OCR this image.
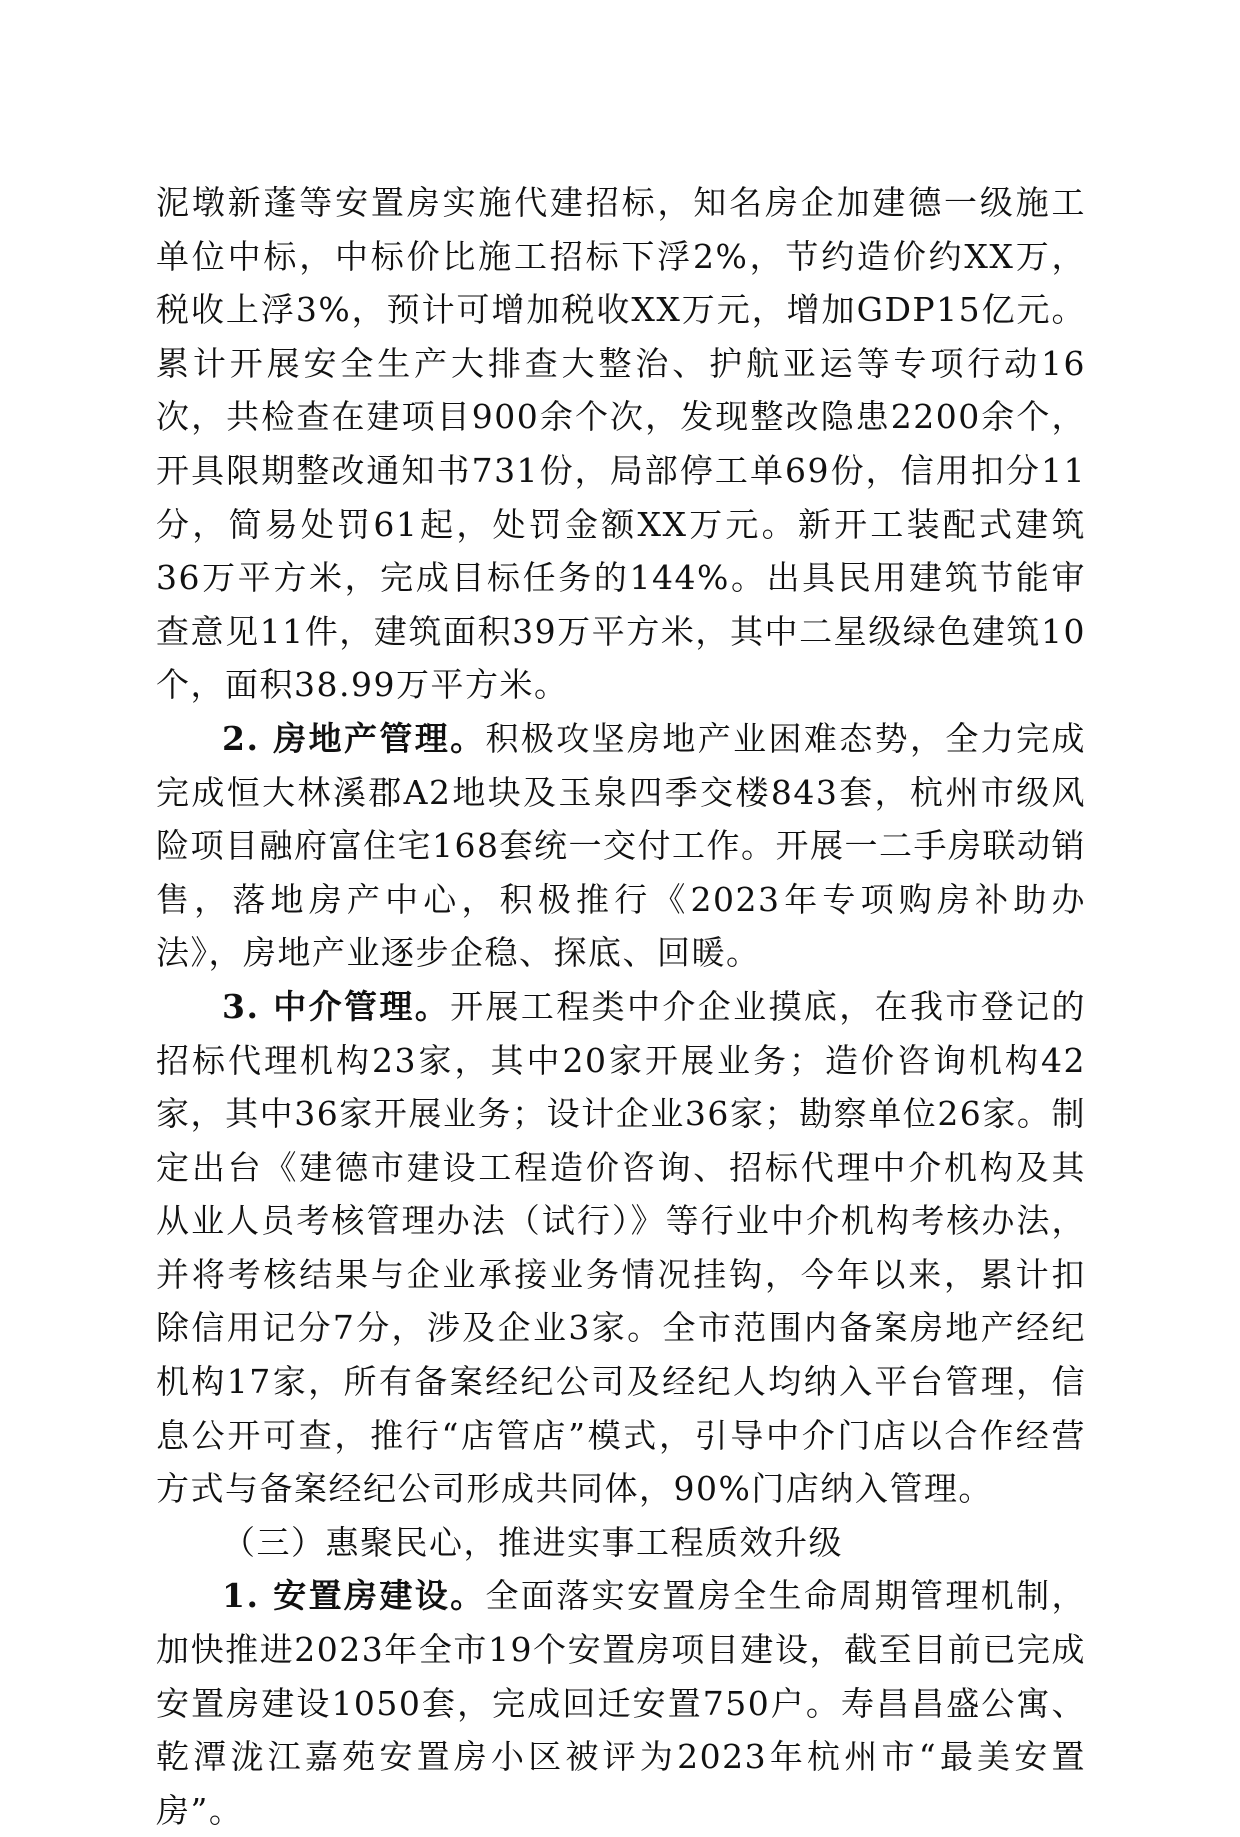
泥墩新蓬等安置房实施代建招标，知名房企加建德一级施工单位中标，中标价比施工招标下浮2%，节约造价约XX万，税收上浮3%，预计可增加税收XX万元，增加GDP15亿元。累计开展安全生产大排查大整治、护航亚运等专项行动16次，共检查在建项目900余个次，发现整改隐患2200余个，开具限期整改通知书731份，局部停工单69份，信用扣分11分，简易处罚61起，处罚金额XX万元。新开工装配式建筑36万平方米，完成目标任务的144%。出具民用建筑节能审查意见11件，建筑面积39万平方米，其中二星级绿色建筑10个，面积38.99万平方米。

2. 房地产管理。积极攻坚房地产业困难态势，全力完成完成恒大林溪郡A2地块及玉泉四季交楼843套，杭州市级风险项目融府富住宅168套统一交付工作。开展一二手房联动销售，落地房产中心，积极推行《2023年专项购房补助办法》，房地产业逐步企稳、探底、回暖。

3. 中介管理。开展工程类中介企业摸底，在我市登记的招标代理机构23家，其中20家开展业务；造价咨询机构42家，其中36家开展业务；设计企业36家；勘察单位26家。制定出台《建德市建设工程造价咨询、招标代理中介机构及其从业人员考核管理办法（试行）》等行业中介机构考核办法，并将考核结果与企业承接业务情况挂钩，今年以来，累计扣除信用记分7分，涉及企业3家。全市范围内备案房地产经纪机构17家，所有备案经纪公司及经纪人均纳入平台管理，信息公开可查，推行“店管店”模式，引导中介门店以合作经营方式与备案经纪公司形成共同体，90%门店纳入管理。

（三）惠聚民心，推进实事工程质效升级

1. 安置房建设。全面落实安置房全生命周期管理机制，加快推进2023年全市19个安置房项目建设，截至目前已完成安置房建设1050套，完成回迁安置750户。寿昌昌盛公寓、乾潭泷江嘉苑安置房小区被评为2023年杭州市“最美安置房”。
